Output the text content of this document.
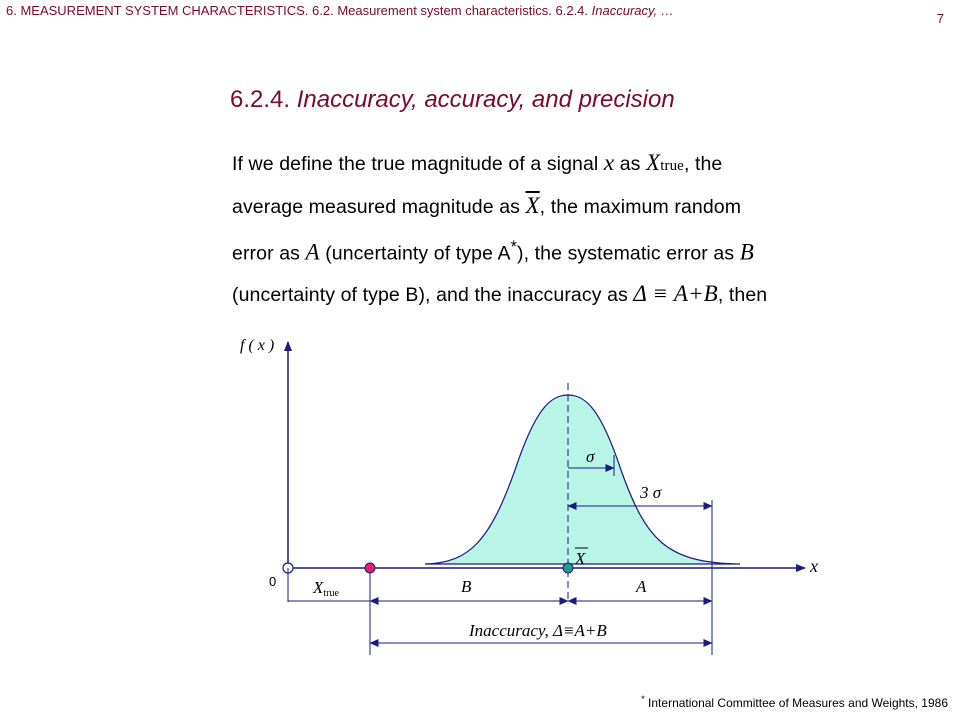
6. MEASUREMENT SYSTEM CHARACTERISTICS. 6.2. Measurement system characteristics. 6.2.4. Inaccuracy, …
7
6.2.4. Inaccuracy, accuracy, and precision
If we define the true magnitude of a signal x as Xtrue, the
average measured magnitude as $\overline{X}$, the maximum random
error as A (uncertainty of type A*), the systematic error as B
(uncertainty of type B), and the inaccuracy as Δ ≡ A+B, then
f ( x )
x
0 Xtrue	B	A
X
σ
3 σ
Inaccuracy, Δ≡A+B
* International Committee of Measures and Weights, 1986
